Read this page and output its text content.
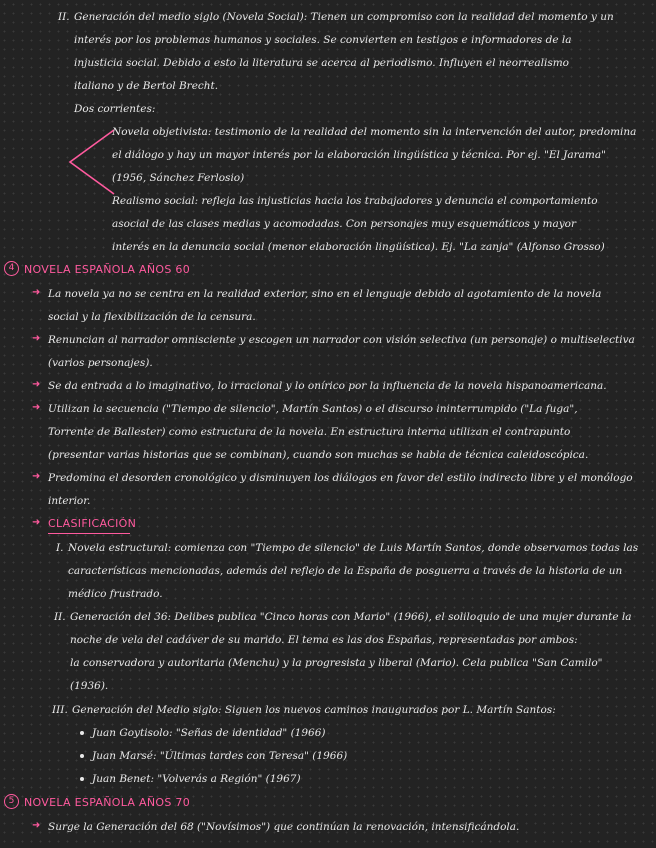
II. Generación del medio siglo (Novela Social): Tienen un compromiso con la realidad del momento y un
interés por los problemas humanos y sociales. Se convierten en testigos e informadores de la
injusticia social. Debido a esto la literatura se acerca al periodismo. Influyen el neorrealismo
italiano y de Bertol Brecht.
Dos corrientes:
Novela objetivista: testimonio de la realidad del momento sin la intervención del autor, predomina
el diálogo y hay un mayor interés por la elaboración lingüística y técnica. Por ej. "El Jarama"
(1956, Sánchez Ferlosio)
Realismo social: refleja las injusticias hacia los trabajadores y denuncia el comportamiento
asocial de las clases medias y acomodadas. Con personajes muy esquemáticos y mayor
interés en la denuncia social (menor elaboración lingüística). Ej. "La zanja" (Alfonso Grosso)
4 NOVELA ESPAÑOLA AÑOS 60
➜ La novela ya no se centra en la realidad exterior, sino en el lenguaje debido al agotamiento de la novela
social y la flexibilización de la censura.
➜ Renuncian al narrador omnisciente y escogen un narrador con visión selectiva (un personaje) o multiselectiva
(varios personajes).
➜ Se da entrada a lo imaginativo, lo irracional y lo onírico por la influencia de la novela hispanoamericana.
➜ Utilizan la secuencia ("Tiempo de silencio", Martín Santos) o el discurso ininterrumpido ("La fuga",
Torrente de Ballester) como estructura de la novela. En estructura interna utilizan el contrapunto
(presentar varias historias que se combinan), cuando son muchas se habla de técnica caleidoscópica.
➜ Predomina el desorden cronológico y disminuyen los diálogos en favor del estilo indirecto libre y el monólogo
interior.
➜ CLASIFICACIÓN
I. Novela estructural: comienza con "Tiempo de silencio" de Luis Martín Santos, donde observamos todas las
características mencionadas, además del reflejo de la España de posguerra a través de la historia de un
médico frustrado.
II. Generación del 36: Delibes publica "Cinco horas con Mario" (1966), el soliloquio de una mujer durante la
noche de vela del cadáver de su marido. El tema es las dos Españas, representadas por ambos:
la conservadora y autoritaria (Menchu) y la progresista y liberal (Mario). Cela publica "San Camilo"
(1936).
III. Generación del Medio siglo: Siguen los nuevos caminos inaugurados por L. Martín Santos:
Juan Goytisolo: "Señas de identidad" (1966)
Juan Marsé: "Últimas tardes con Teresa" (1966)
Juan Benet: "Volverás a Región" (1967)
5 NOVELA ESPAÑOLA AÑOS 70
➜ Surge la Generación del 68 ("Novísimos") que continúan la renovación, intensificándola.
